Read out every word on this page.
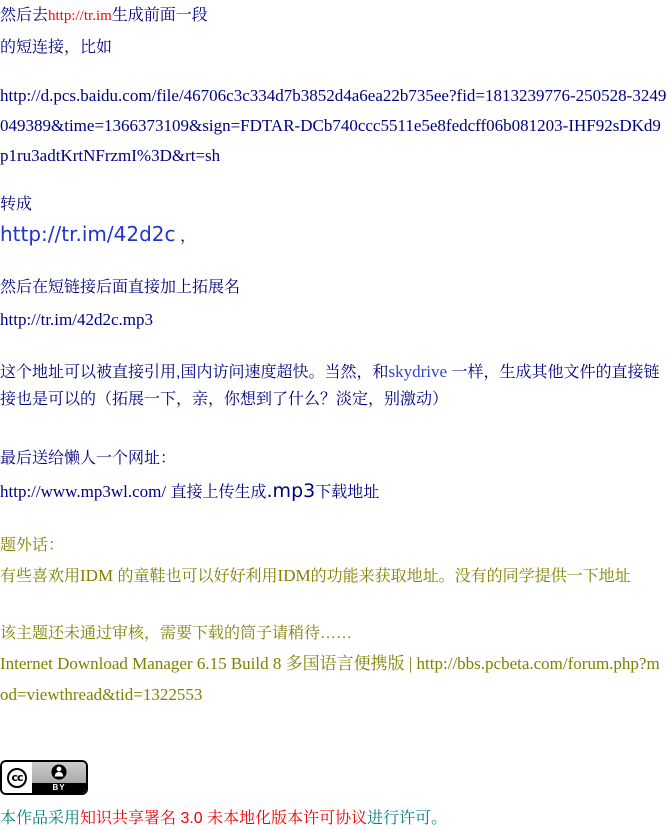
然后去http://tr.im生成前面一段
的短连接，比如

http://d.pcs.baidu.com/file/46706c3c334d7b3852d4a6ea22b735ee?fid=1813239776-250528-3249049389&time=1366373109&sign=FDTAR-DCb740ccc5511e5e8fedcff06b081203-IHF92sDKd9p1ru3adtKrtNFrzmI%3D&rt=sh

转成
http://tr.im/42d2c ，

然后在短链接后面直接加上拓展名
http://tr.im/42d2c.mp3

这个地址可以被直接引用,国内访问速度超快。当然，和skydrive 一样，生成其他文件的直接链接也是可以的（拓展一下，亲，你想到了什么？淡定，别激动）

最后送给懒人一个网址：

http://www.mp3wl.com/ 直接上传生成.mp3下载地址

题外话：
有些喜欢用IDM 的童鞋也可以好好利用IDM的功能来获取地址。没有的同学提供一下地址

该主题还未通过审核，需要下载的筒子请稍待……
Internet Download Manager 6.15 Build 8 多国语言便携版 | http://bbs.pcbeta.com/forum.php?mod=viewthread&tid=1322553

cc
BY

本作品采用知识共享署名 3.0 未本地化版本许可协议进行许可。
